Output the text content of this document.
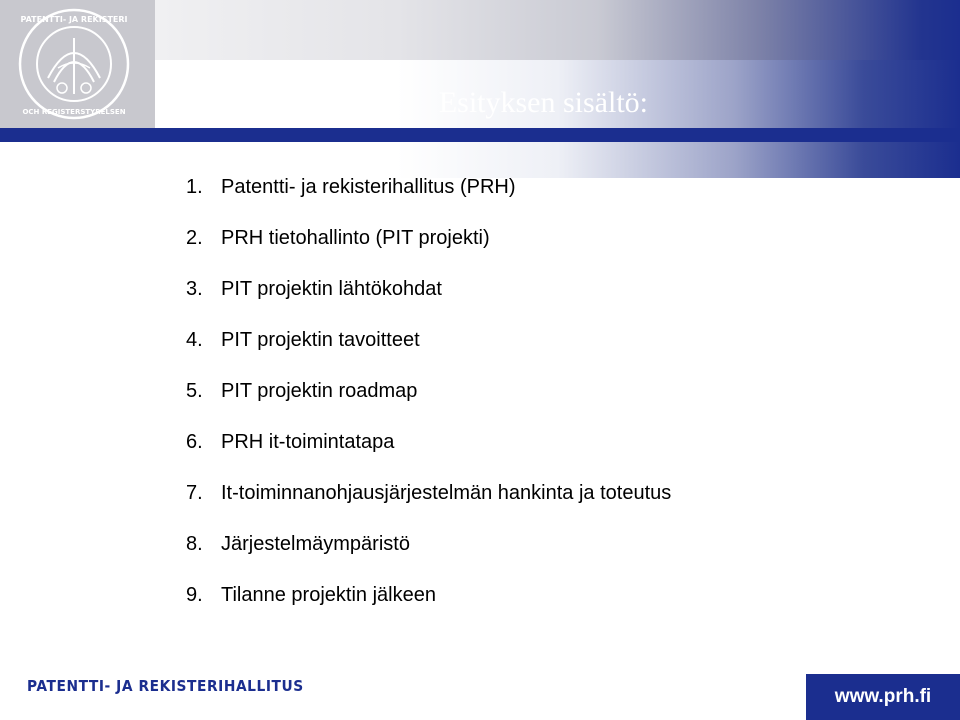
PATENTTI- JA REKISTERI
OCH REGISTERSTYRELSEN	Esityksen sisältö:
1. Patentti- ja rekisterihallitus (PRH)
2. PRH tietohallinto (PIT projekti)
3. PIT projektin lähtökohdat
4. PIT projektin tavoitteet
5. PIT projektin roadmap
6. PRH it-toimintatapa
7. It-toiminnanohjausjärjestelmän hankinta ja toteutus
8. Järjestelmäympäristö
9. Tilanne projektin jälkeen
PATENTTI- JA REKISTERIHALLITUS	www.prh.fi
